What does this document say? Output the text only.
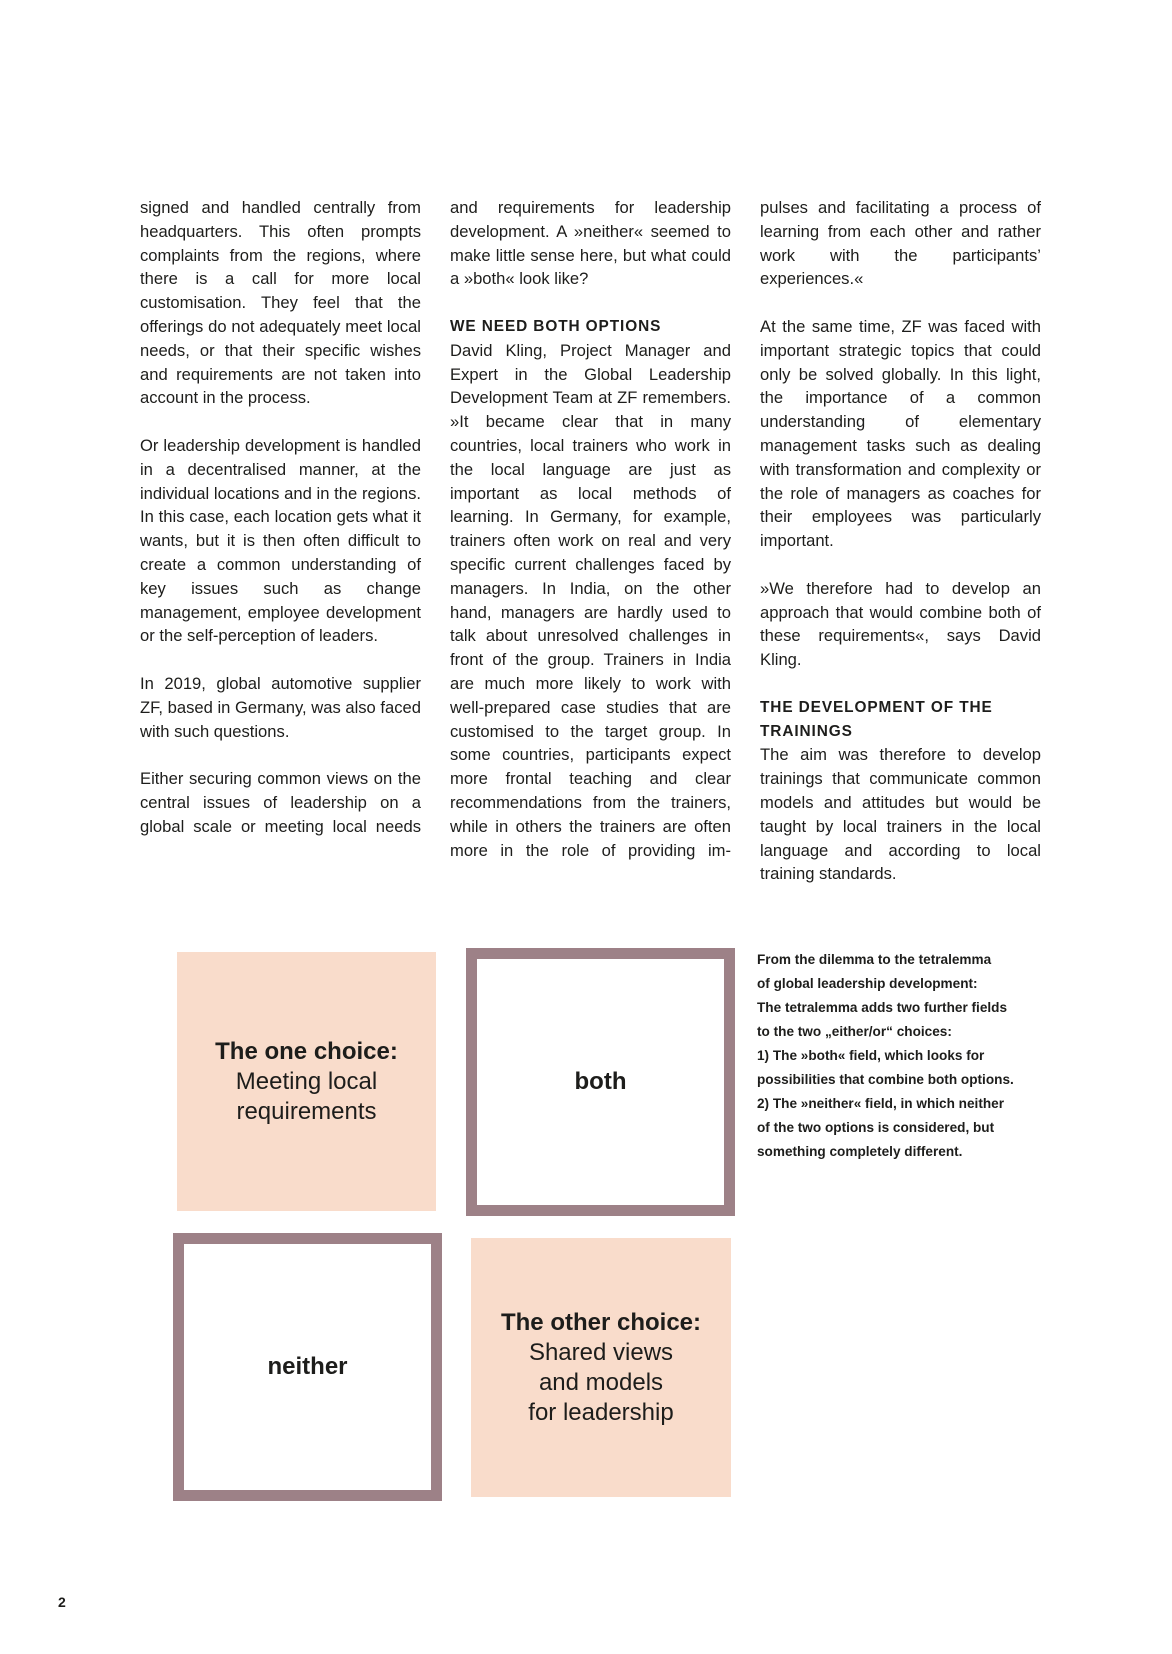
signed and handled centrally from headquarters. This often prompts complaints from the regions, where there is a call for more local customisation. They feel that the offerings do not adequately meet local needs, or that their specific wishes and requirements are not taken into account in the process.

Or leadership development is handled in a decentralised manner, at the individual locations and in the regions. In this case, each location gets what it wants, but it is then often difficult to create a common understanding of key issues such as change management, employee development or the self-perception of leaders.

In 2019, global automotive supplier ZF, based in Germany, was also faced with such questions.

Either securing common views on the central issues of leadership on a global scale or meeting local needs

and requirements for leadership development. A »neither« seemed to make little sense here, but what could a »both« look like?

WE NEED BOTH OPTIONS

David Kling, Project Manager and Expert in the Global Leadership Development Team at ZF remembers. »It became clear that in many countries, local trainers who work in the local language are just as important as local methods of learning. In Germany, for example, trainers often work on real and very specific current challenges faced by managers. In India, on the other hand, managers are hardly used to talk about unresolved challenges in front of the group. Trainers in India are much more likely to work with well-prepared case studies that are customised to the target group. In some countries, participants expect more frontal teaching and clear recommendations from the trainers, while in others the trainers are often more in the role of providing im-

pulses and facilitating a process of learning from each other and rather work with the participants’ experiences.«

At the same time, ZF was faced with important strategic topics that could only be solved globally. In this light, the importance of a common understanding of elementary management tasks such as dealing with transformation and complexity or the role of managers as coaches for their employees was particularly important.

»We therefore had to develop an approach that would combine both of these requirements«, says David Kling.

THE DEVELOPMENT OF THE TRAININGS

The aim was therefore to develop trainings that communicate common models and attitudes but would be taught by local trainers in the local language and according to local training standards.

The one choice:
Meeting local
requirements
both
neither
The other choice:
Shared views
and models
for leadership
From the dilemma to the tetralemma
of global leadership development:
The tetralemma adds two further fields
to the two „either/or“ choices:
1) The »both« field, which looks for
possibilities that combine both options.
2) The »neither« field, in which neither
of the two options is considered, but
something completely different.
2
